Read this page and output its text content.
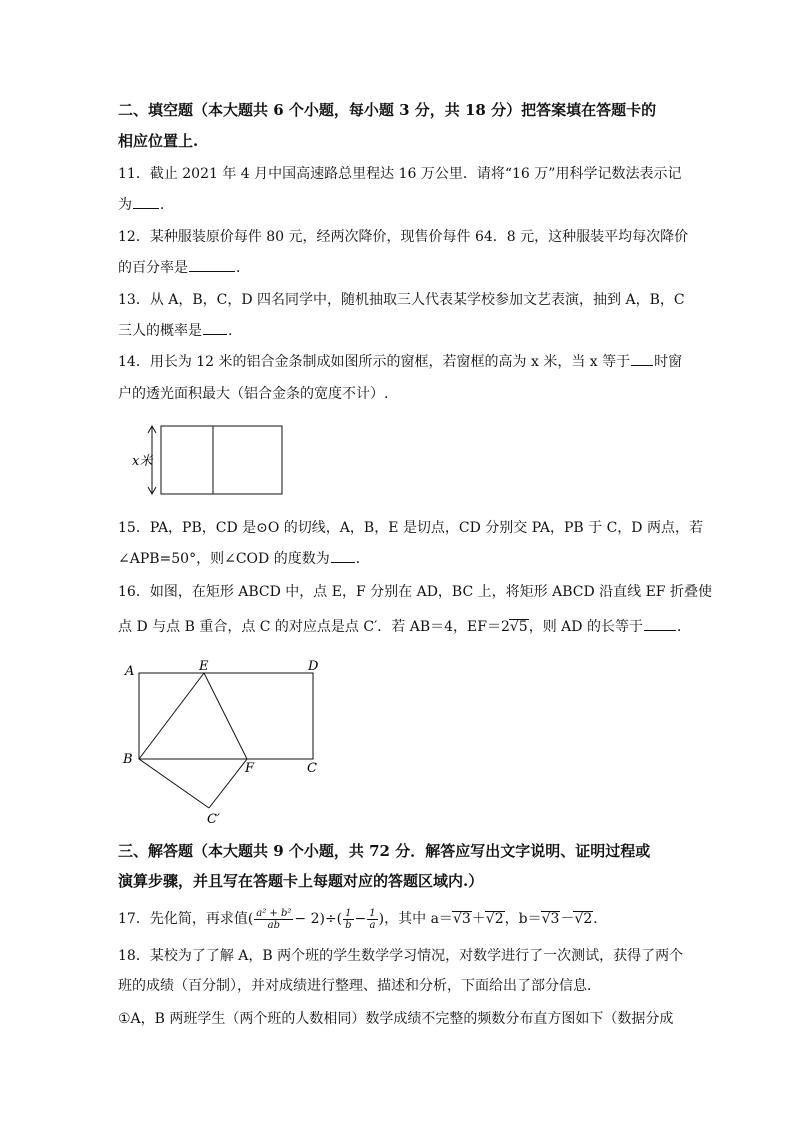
二、填空题（本大题共 6 个小题，每小题 3 分，共 18 分）把答案填在答题卡的
相应位置上.
11．截止 2021 年 4 月中国高速路总里程达 16 万公里．请将“16 万”用科学记数法表示记
为 ．
12．某种服装原价每件 80 元，经两次降价，现售价每件 64．8 元，这种服装平均每次降价
的百分率是	．
13．从 A，B，C，D 四名同学中，随机抽取三人代表某学校参加文艺表演，抽到 A，B，C
三人的概率是 .
14．用长为 12 米的铝合金条制成如图所示的窗框，若窗框的高为 x 米，当 x 等于 时窗
户的透光面积最大（铝合金条的宽度不计）.
x米
15．PA，PB，CD 是⊙O 的切线，A，B，E 是切点，CD 分别交 PA，PB 于 C，D 两点，若
∠APB=50°，则∠COD 的度数为 ．
16．如图，在矩形 ABCD 中，点 E，F 分别在 AD，BC 上，将矩形 ABCD 沿直线 EF 折叠使
点 D 与点 B 重合，点 C 的对应点是点 C′．若 AB＝4，EF＝2√5，则 AD 的长等于 ．
A	E	D
B
F	C
C′
三、解答题（本大题共 9 个小题，共 72 分．解答应写出文字说明、证明过程或
演算步骤，并且写在答题卡上每题对应的答题区域内.）
17．先化简，再求值( $\frac{\text{a² + b²}}{ab} - 2)\div( \frac{1}{b} - \frac{1}{a}$ )，其中 a＝√3＋√2，b＝√3－√2．
18．某校为了了解 A，B 两个班的学生数学学习情况，对数学进行了一次测试，获得了两个
班的成绩（百分制），并对成绩进行整理、描述和分析，下面给出了部分信息．
①A，B 两班学生（两个班的人数相同）数学成绩不完整的频数分布直方图如下（数据分成
